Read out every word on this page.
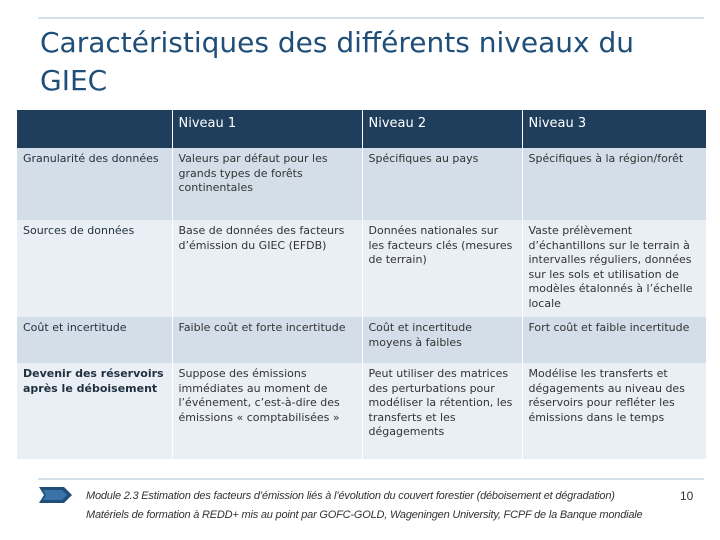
Caractéristiques des différents niveaux du GIEC
	Niveau 1	Niveau 2	Niveau 3
Granularité des données	Valeurs par défaut pour les grands types de forêts continentales	Spécifiques au pays	Spécifiques à la région/forêt
Sources de données	Base de données des facteurs d’émission du GIEC (EFDB)	Données nationales sur les facteurs clés (mesures de terrain)	Vaste prélèvement d’échantillons sur le terrain à intervalles réguliers, données sur les sols et utilisation de modèles étalonnés à l’échelle locale
Coût et incertitude	Faible coût et forte incertitude	Coût et incertitude moyens à faibles	Fort coût et faible incertitude
Devenir des réservoirs après le déboisement	Suppose des émissions immédiates au moment de l’événement, c’est-à-dire des émissions « comptabilisées »	Peut utiliser des matrices des perturbations pour modéliser la rétention, les transferts et les dégagements	Modélise les transferts et dégagements au niveau des réservoirs pour refléter les émissions dans le temps
Module 2.3 Estimation des facteurs d’émission liés à l’évolution du couvert forestier (déboisement et dégradation)
Matériels de formation à REDD+ mis au point par GOFC-GOLD, Wageningen University, FCPF de la Banque mondiale
10
